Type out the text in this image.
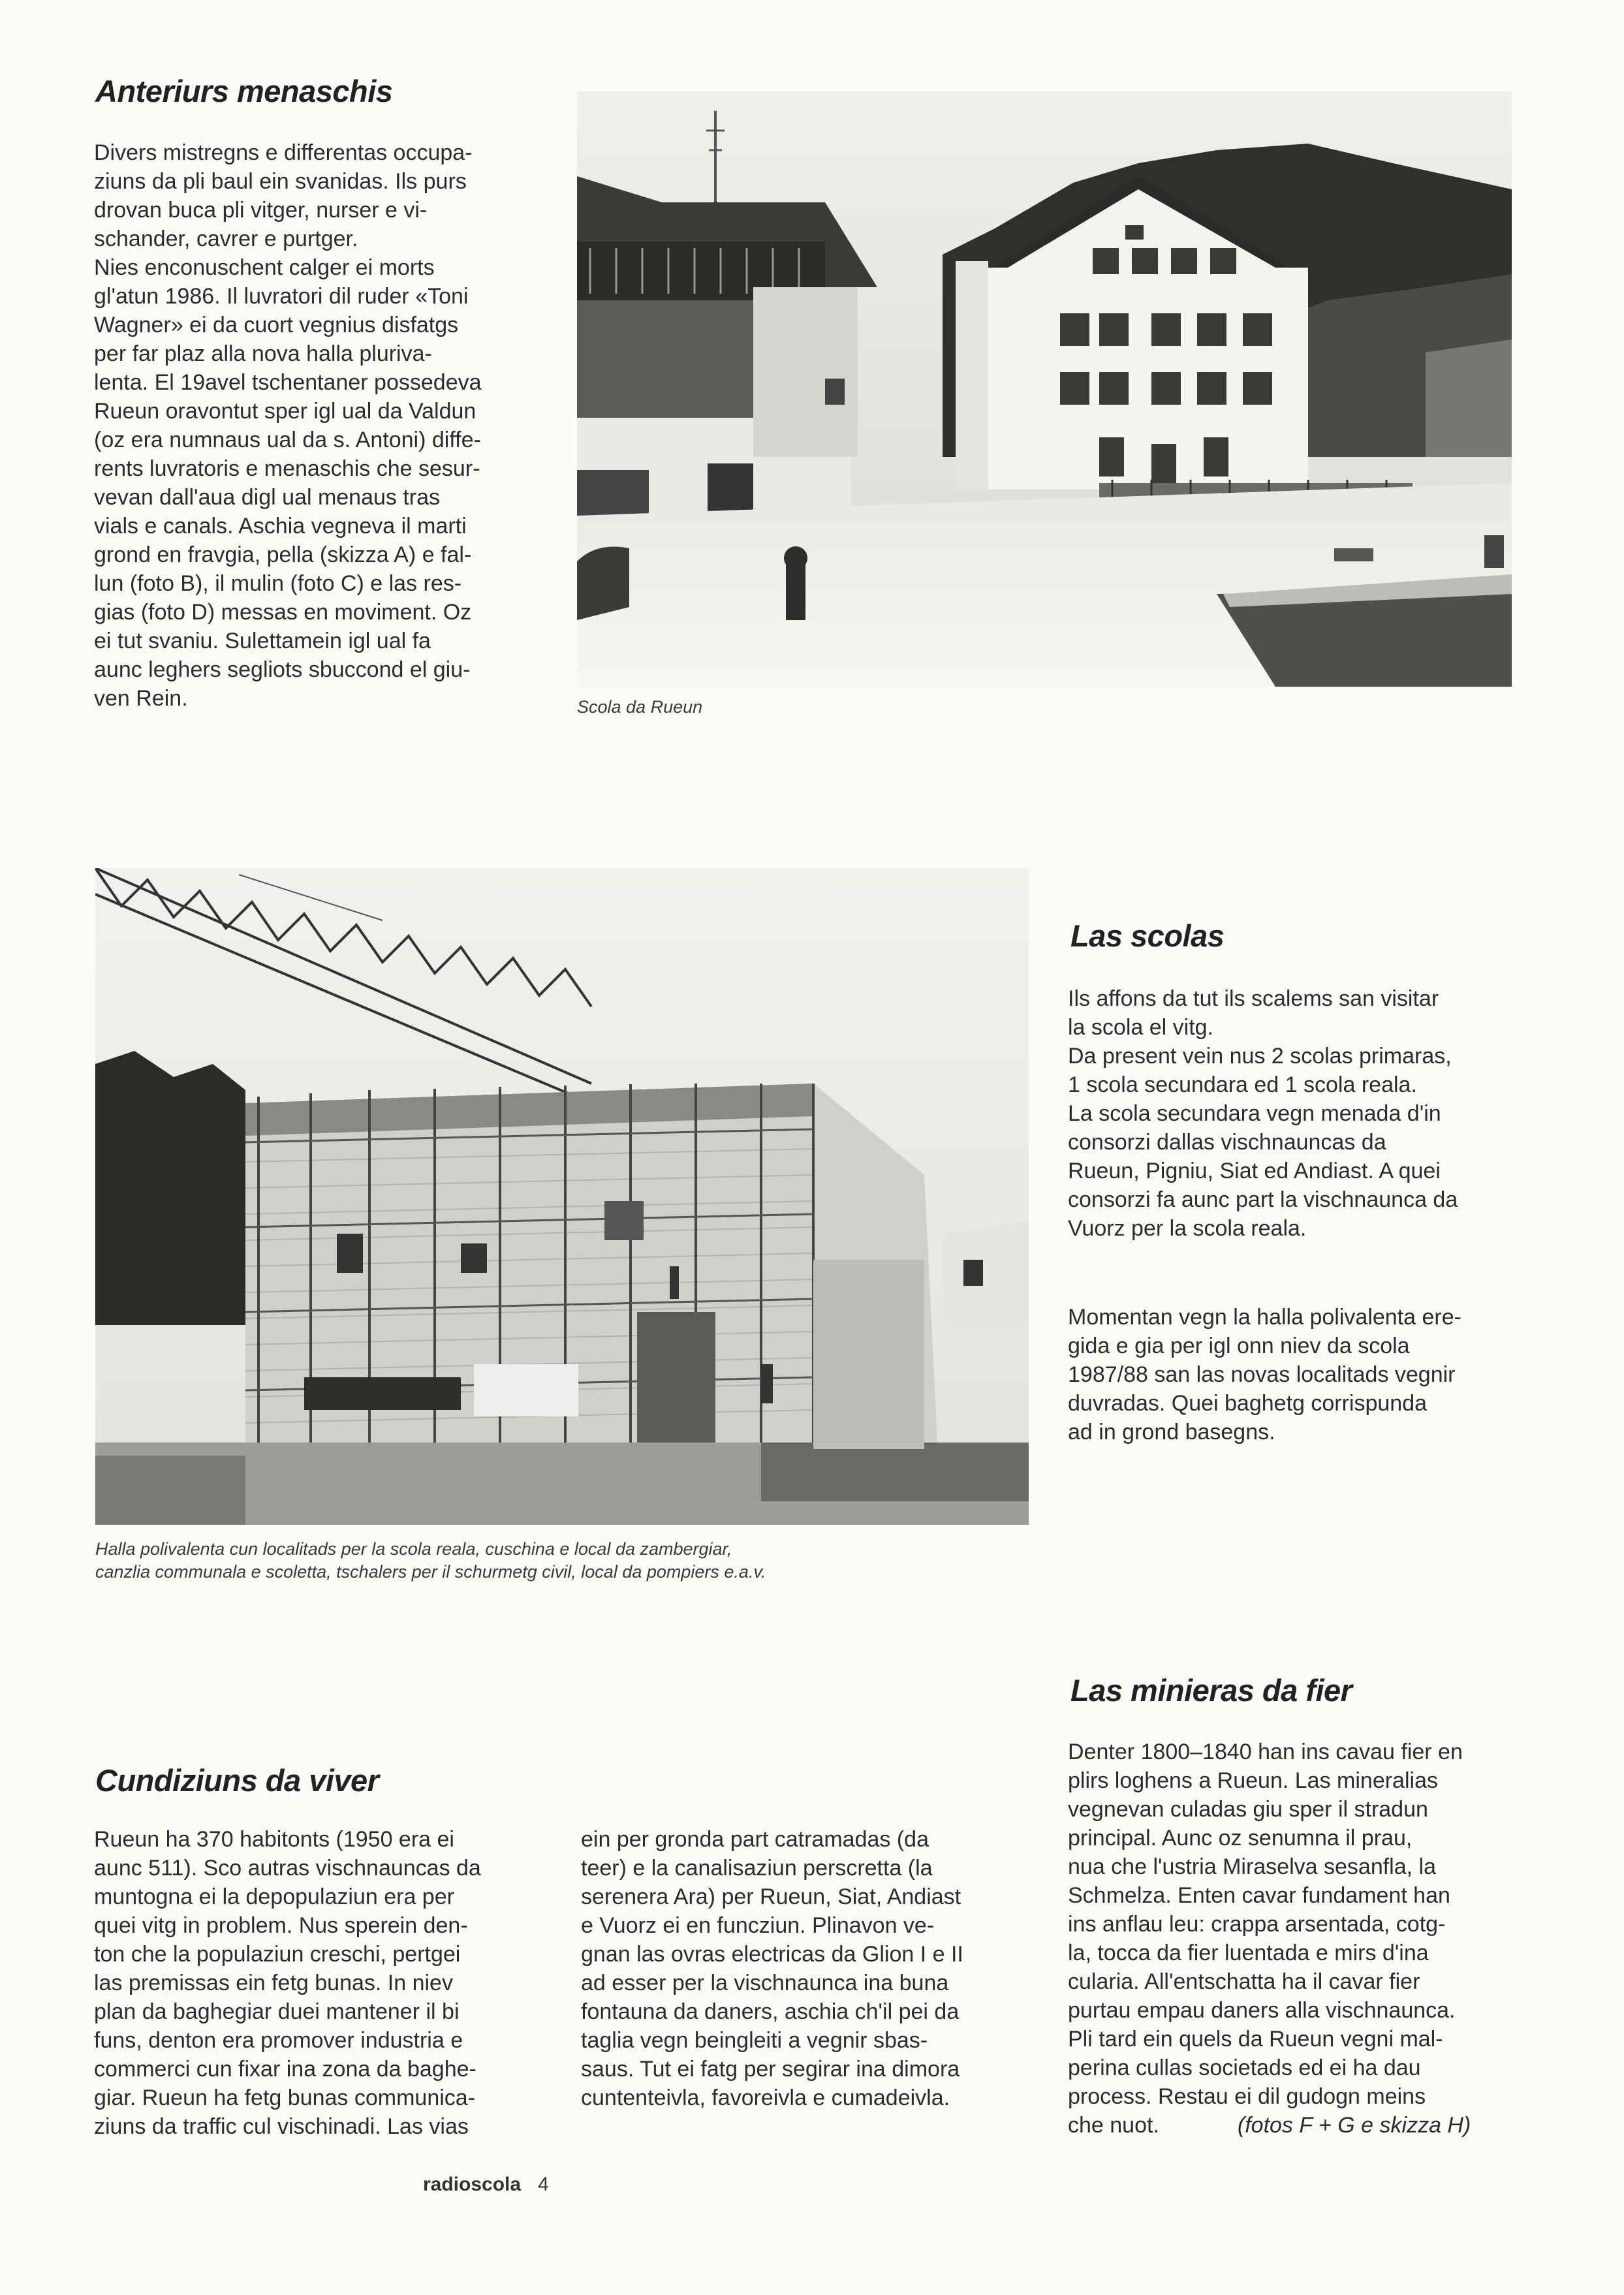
Anteriurs menaschis
Divers mistregns e differentas occupa-
ziuns da pli baul ein svanidas. Ils purs
drovan buca pli vitger, nurser e vi-
schander, cavrer e purtger.
Nies enconuschent calger ei morts
gl'atun 1986. Il luvratori dil ruder «Toni
Wagner» ei da cuort vegnius disfatgs
per far plaz alla nova halla pluriva-
lenta. El 19avel tschentaner possedeva
Rueun oravontut sper igl ual da Valdun
(oz era numnaus ual da s. Antoni) diffe-
rents luvratoris e menaschis che sesur-
vevan dall'aua digl ual menaus tras
vials e canals. Aschia vegneva il marti
grond en fravgia, pella (skizza A) e fal-
lun (foto B), il mulin (foto C) e las res-
gias (foto D) messas en moviment. Oz
ei tut svaniu. Sulettamein igl ual fa
aunc leghers segliots sbuccond el giu-
ven Rein.	Scola da Rueun
Las scolas
Ils affons da tut ils scalems san visitar
la scola el vitg.
Da present vein nus 2 scolas primaras,
1 scola secundara ed 1 scola reala.
La scola secundara vegn menada d'in
consorzi dallas vischnauncas da
Rueun, Pigniu, Siat ed Andiast. A quei
consorzi fa aunc part la vischnaunca da
Vuorz per la scola reala.
Momentan vegn la halla polivalenta ere-
gida e gia per igl onn niev da scola
1987/88 san las novas localitads vegnir
duvradas. Quei baghetg corrispunda
ad in grond basegns.
Halla polivalenta cun localitads per la scola reala, cuschina e local da zambergiar,
canzlia communala e scoletta, tschalers per il schurmetg civil, local da pompiers e.a.v.
Las minieras da fier
Denter 1800–1840 han ins cavau fier en
plirs loghens a Rueun. Las mineralias
vegnevan culadas giu sper il stradun
principal. Aunc oz senumna il prau,
nua che l'ustria Miraselva sesanfla, la
Schmelza. Enten cavar fundament han
ins anflau leu: crappa arsentada, cotg-
la, tocca da fier luentada e mirs d'ina
cularia. All'entschatta ha il cavar fier
purtau empau daners alla vischnaunca.
Pli tard ein quels da Rueun vegni mal-
perina cullas societads ed ei ha dau
process. Restau ei dil gudogn meins
che nuot.	(fotos F + G e skizza H)
Cundiziuns da viver
Rueun ha 370 habitonts (1950 era ei
aunc 511). Sco autras vischnauncas da
muntogna ei la depopulaziun era per
quei vitg in problem. Nus sperein den-
ton che la populaziun creschi, pertgei
las premissas ein fetg bunas. In niev
plan da baghegiar duei mantener il bi
funs, denton era promover industria e
commerci cun fixar ina zona da baghe-
giar. Rueun ha fetg bunas communica-
ziuns da traffic cul vischinadi. Las vias
ein per gronda part catramadas (da
teer) e la canalisaziun perscretta (la
serenera Ara) per Rueun, Siat, Andiast
e Vuorz ei en funcziun. Plinavon ve-
gnan las ovras electricas da Glion I e II
ad esser per la vischnaunca ina buna
fontauna da daners, aschia ch'il pei da
taglia vegn beingleiti a vegnir sbas-
saus. Tut ei fatg per segirar ina dimora
cuntenteivla, favoreivla e cumadeivla.
radioscola 4
